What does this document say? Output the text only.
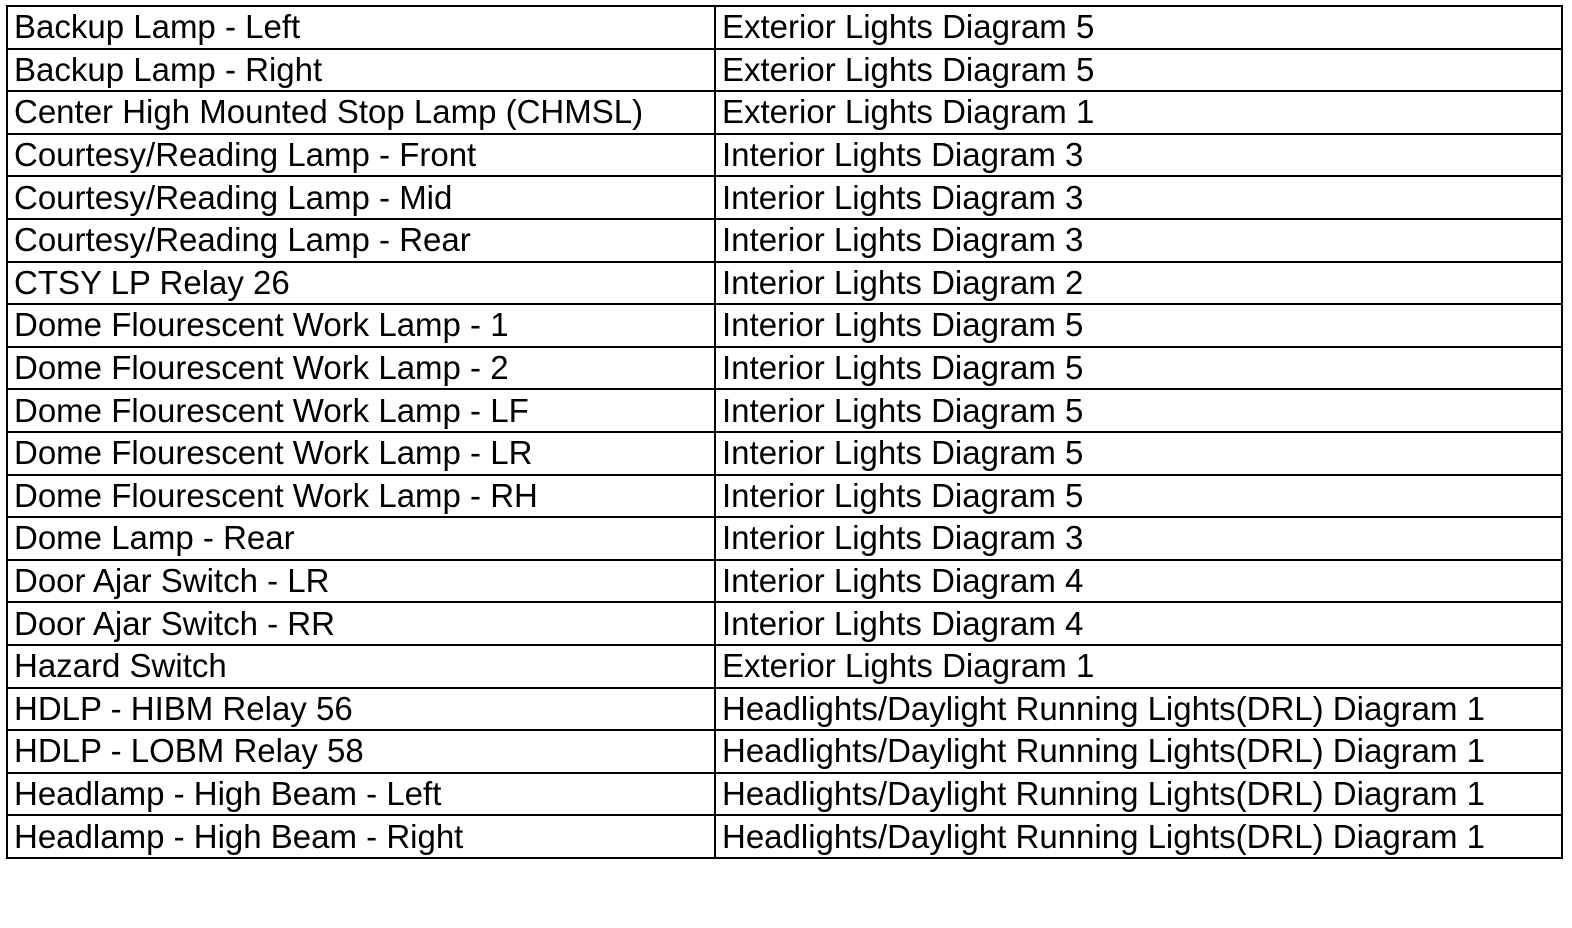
Backup Lamp - Left	Exterior Lights Diagram 5
Backup Lamp - Right	Exterior Lights Diagram 5
Center High Mounted Stop Lamp (CHMSL)	Exterior Lights Diagram 1
Courtesy/Reading Lamp - Front	Interior Lights Diagram 3
Courtesy/Reading Lamp - Mid	Interior Lights Diagram 3
Courtesy/Reading Lamp - Rear	Interior Lights Diagram 3
CTSY LP Relay 26	Interior Lights Diagram 2
Dome Flourescent Work Lamp - 1	Interior Lights Diagram 5
Dome Flourescent Work Lamp - 2	Interior Lights Diagram 5
Dome Flourescent Work Lamp - LF	Interior Lights Diagram 5
Dome Flourescent Work Lamp - LR	Interior Lights Diagram 5
Dome Flourescent Work Lamp - RH	Interior Lights Diagram 5
Dome Lamp - Rear	Interior Lights Diagram 3
Door Ajar Switch - LR	Interior Lights Diagram 4
Door Ajar Switch - RR	Interior Lights Diagram 4
Hazard Switch	Exterior Lights Diagram 1
HDLP - HIBM Relay 56	Headlights/Daylight Running Lights(DRL) Diagram 1
HDLP - LOBM Relay 58	Headlights/Daylight Running Lights(DRL) Diagram 1
Headlamp - High Beam - Left	Headlights/Daylight Running Lights(DRL) Diagram 1
Headlamp - High Beam - Right	Headlights/Daylight Running Lights(DRL) Diagram 1
